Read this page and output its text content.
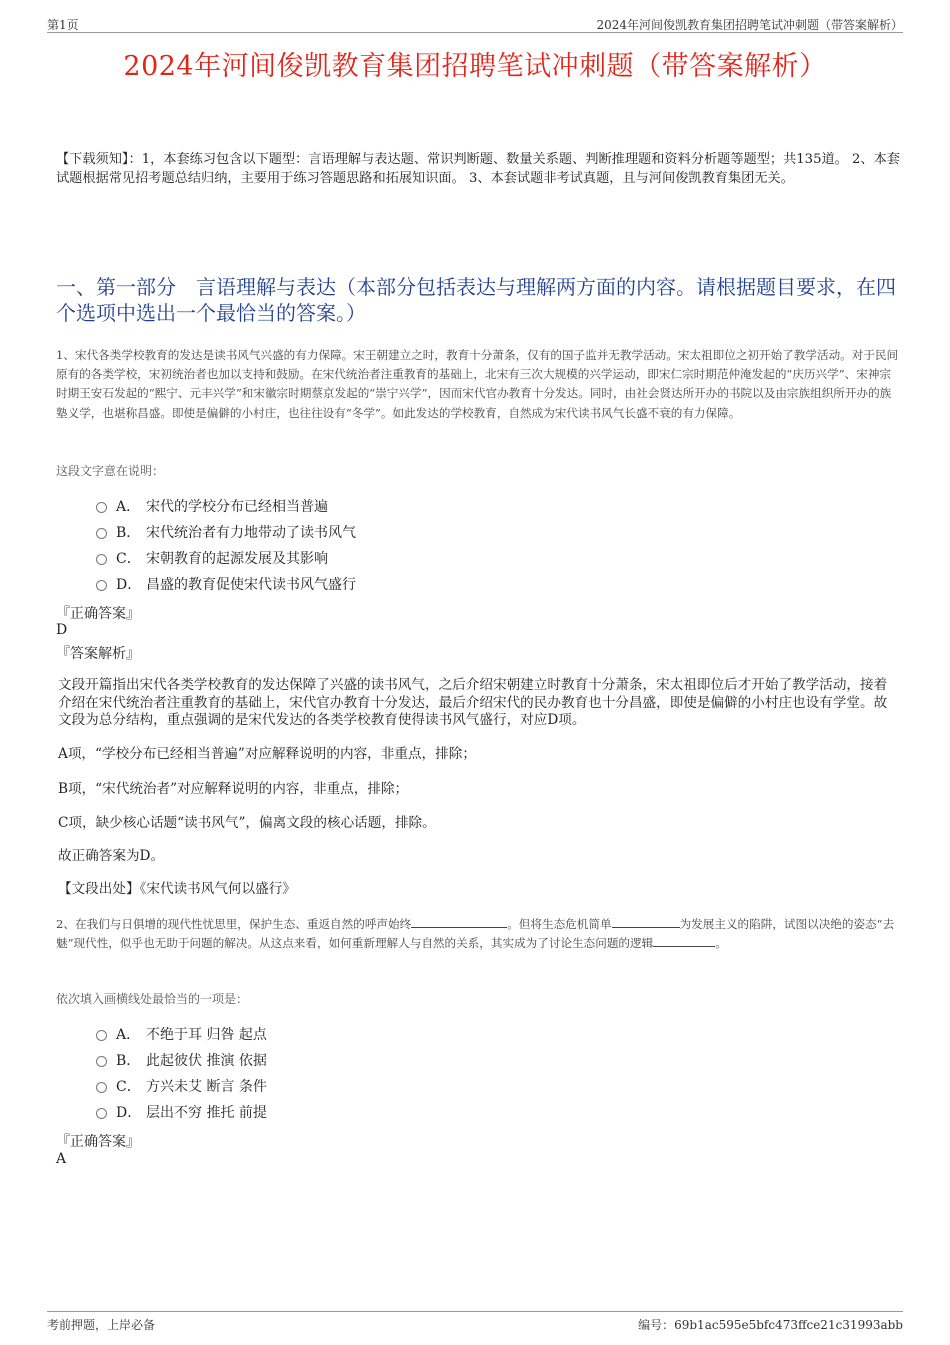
第1页	2024年河间俊凯教育集团招聘笔试冲刺题（带答案解析）
2024年河间俊凯教育集团招聘笔试冲刺题（带答案解析）
【下载须知】：1，本套练习包含以下题型：言语理解与表达题、常识判断题、数量关系题、判断推理题和资料分析题等题型；共135道。 2、本套试题根据常见招考题总结归纳，主要用于练习答题思路和拓展知识面。 3、本套试题非考试真题，且与河间俊凯教育集团无关。
一、第一部分　言语理解与表达（本部分包括表达与理解两方面的内容。请根据题目要求，在四个选项中选出一个最恰当的答案。）
1、宋代各类学校教育的发达是读书风气兴盛的有力保障。宋王朝建立之时，教育十分萧条，仅有的国子监并无教学活动。宋太祖即位之初开始了教学活动。对于民间原有的各类学校，宋初统治者也加以支持和鼓励。在宋代统治者注重教育的基础上，北宋有三次大规模的兴学运动，即宋仁宗时期范仲淹发起的“庆历兴学”、宋神宗时期王安石发起的“熙宁、元丰兴学”和宋徽宗时期蔡京发起的“崇宁兴学”，因而宋代官办教育十分发达。同时，由社会贤达所开办的书院以及由宗族组织所开办的族塾义学，也堪称昌盛。即使是偏僻的小村庄，也往往设有“冬学”。如此发达的学校教育，自然成为宋代读书风气长盛不衰的有力保障。
这段文字意在说明：
A． 宋代的学校分布已经相当普遍
B． 宋代统治者有力地带动了读书风气
C． 宋朝教育的起源发展及其影响
D． 昌盛的教育促使宋代读书风气盛行
『正确答案』
D
『答案解析』
文段开篇指出宋代各类学校教育的发达保障了兴盛的读书风气，之后介绍宋朝建立时教育十分萧条，宋太祖即位后才开始了教学活动，接着介绍在宋代统治者注重教育的基础上，宋代官办教育十分发达，最后介绍宋代的民办教育也十分昌盛，即使是偏僻的小村庄也设有学堂。故文段为总分结构，重点强调的是宋代发达的各类学校教育使得读书风气盛行，对应D项。
A项，“学校分布已经相当普遍”对应解释说明的内容，非重点，排除；
B项，“宋代统治者”对应解释说明的内容，非重点，排除；
C项，缺少核心话题“读书风气”，偏离文段的核心话题，排除。
故正确答案为D。
【文段出处】《宋代读书风气何以盛行》
2、在我们与日俱增的现代性忧思里，保护生态、重返自然的呼声始终	。但将生态危机简单	为发展主义的陷阱，试图以决绝的姿态“去魅”现代性，似乎也无助于问题的解决。从这点来看，如何重新理解人与自然的关系，其实成为了讨论生态问题的逻辑	。
依次填入画横线处最恰当的一项是：
A． 不绝于耳 归咎 起点
B． 此起彼伏 推演 依据
C． 方兴未艾 断言 条件
D． 层出不穷 推托 前提
『正确答案』
A
考前押题，上岸必备	编号：69b1ac595e5bfc473ffce21c31993abb
